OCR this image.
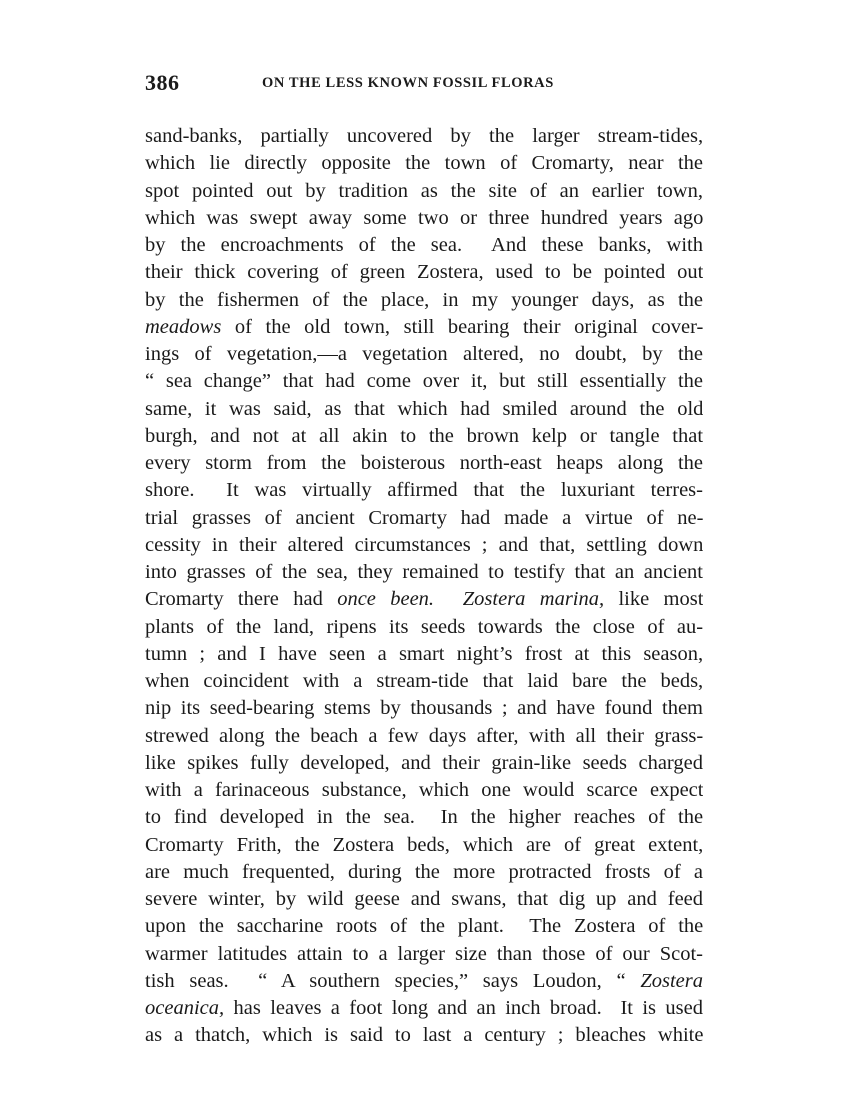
386	ON THE LESS KNOWN FOSSIL FLORAS
sand-banks, partially uncovered by the larger stream-tides,
which lie directly opposite the town of Cromarty, near the
spot pointed out by tradition as the site of an earlier town,
which was swept away some two or three hundred years ago
by the encroachments of the sea.  And these banks, with
their thick covering of green Zostera, used to be pointed out
by the fishermen of the place, in my younger days, as the
meadows of the old town, still bearing their original cover-
ings of vegetation,—a vegetation altered, no doubt, by the
“ sea change” that had come over it, but still essentially the
same, it was said, as that which had smiled around the old
burgh, and not at all akin to the brown kelp or tangle that
every storm from the boisterous north-east heaps along the
shore.  It was virtually affirmed that the luxuriant terres-
trial grasses of ancient Cromarty had made a virtue of ne-
cessity in their altered circumstances ; and that, settling down
into grasses of the sea, they remained to testify that an ancient
Cromarty there had once been. Zostera marina, like most
plants of the land, ripens its seeds towards the close of au-
tumn ; and I have seen a smart night’s frost at this season,
when coincident with a stream-tide that laid bare the beds,
nip its seed-bearing stems by thousands ; and have found them
strewed along the beach a few days after, with all their grass-
like spikes fully developed, and their grain-like seeds charged
with a farinaceous substance, which one would scarce expect
to find developed in the sea.  In the higher reaches of the
Cromarty Frith, the Zostera beds, which are of great extent,
are much frequented, during the more protracted frosts of a
severe winter, by wild geese and swans, that dig up and feed
upon the saccharine roots of the plant.  The Zostera of the
warmer latitudes attain to a larger size than those of our Scot-
tish seas.  “ A southern species,” says Loudon, “ Zostera
oceanica, has leaves a foot long and an inch broad.  It is used
as a thatch, which is said to last a century ; bleaches white
